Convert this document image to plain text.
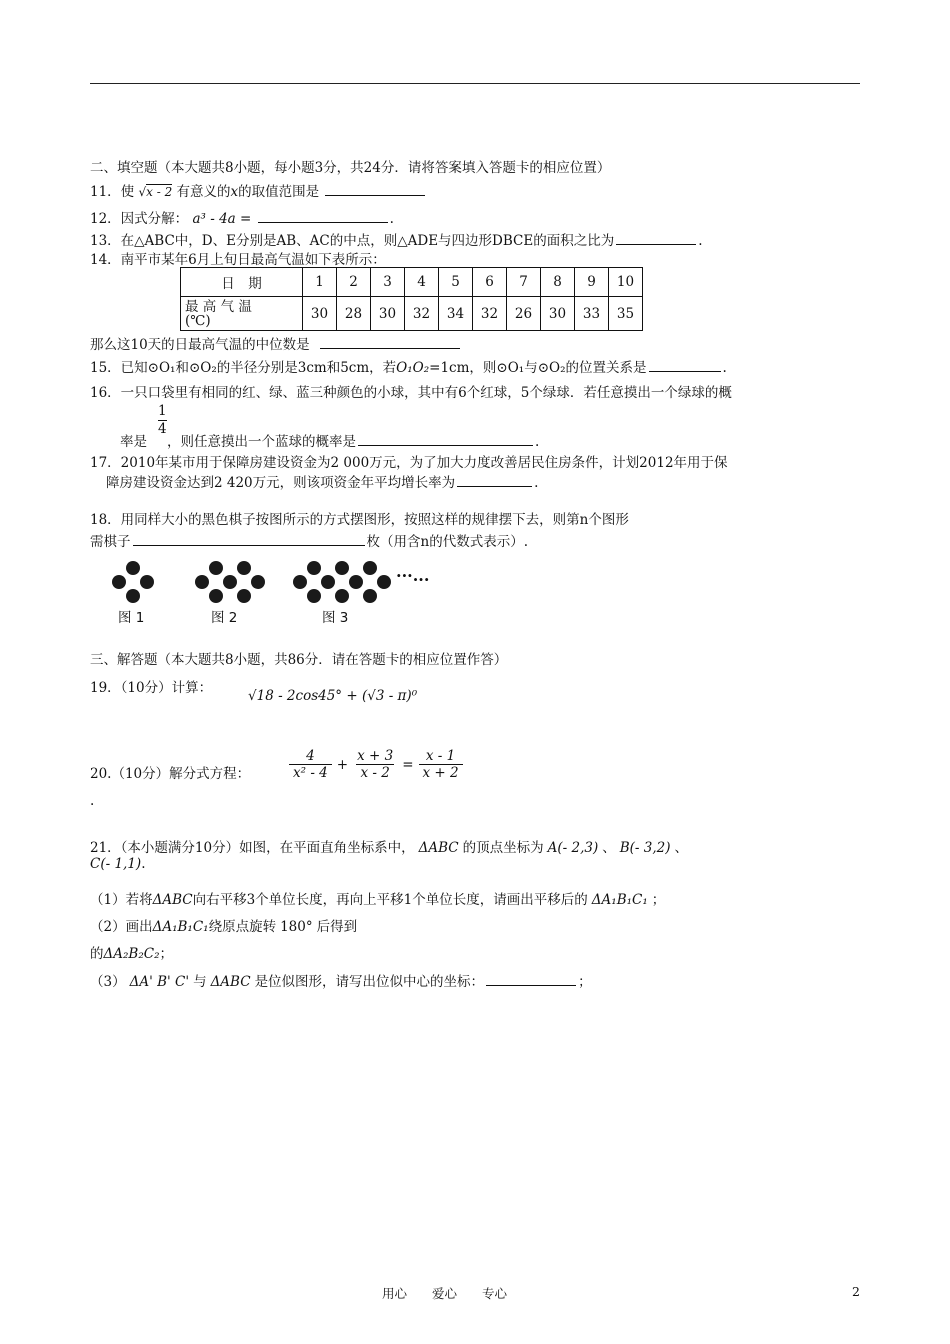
二、填空题（本大题共8小题，每小题3分，共24分．请将答案填入答题卡的相应位置）
11．使 √x - 2 有意义的x的取值范围是
12．因式分解： a³ - 4a =	.
13．在△ABC中，D、E分别是AB、AC的中点，则△ADE与四边形DBCE的面积之比为	.
14．南平市某年6月上旬日最高气温如下表所示：
日　期	1	2	3	4	5	6	7	8	9	10

最 高 气 温
(℃)	30	28	30	32	34	32	26	30	33	35
那么这10天的日最高气温的中位数是
15．已知⊙O₁和⊙O₂的半径分别是3cm和5cm，若O₁O₂=1cm，则⊙O₁与⊙O₂的位置关系是	.
16．一只口袋里有相同的红、绿、蓝三种颜色的小球，其中有6个红球，5个绿球．若任意摸出一个绿球的概
1
4
率是 ，则任意摸出一个蓝球的概率是	.
17．2010年某市用于保障房建设资金为2 000万元，为了加大力度改善居民住房条件，计划2012年用于保
障房建设资金达到2 420万元，则该项资金年平均增长率为	.
18．用同样大小的黑色棋子按图所示的方式摆图形，按照这样的规律摆下去，则第n个图形
需棋子	枚（用含n的代数式表示）.
···...
图 1	图 2	图 3
三、解答题（本大题共8小题，共86分．请在答题卡的相应位置作答）
19．（10分）计算：	√18 - 2cos45° + (√3 - π)⁰
20.（10分）解分式方程：	$\frac{4}{\text{x² - 4}} + \frac{x + 3}{x - 2} = \frac{x - 1}{x + 2}$
.
21．（本小题满分10分）如图，在平面直角坐标系中， ΔABC 的顶点坐标为 A(- 2,3) 、 B(- 3,2) 、
C(- 1,1).
（1）若将ΔABC向右平移3个单位长度，再向上平移1个单位长度，请画出平移后的 ΔA₁B₁C₁ ；
（2）画出ΔA₁B₁C₁绕原点旋转 180° 后得到
的ΔA₂B₂C₂；
（3） ΔA' B' C' 与 ΔABC 是位似图形，请写出位似中心的坐标：	；
用心　　爱心　　专心	2
